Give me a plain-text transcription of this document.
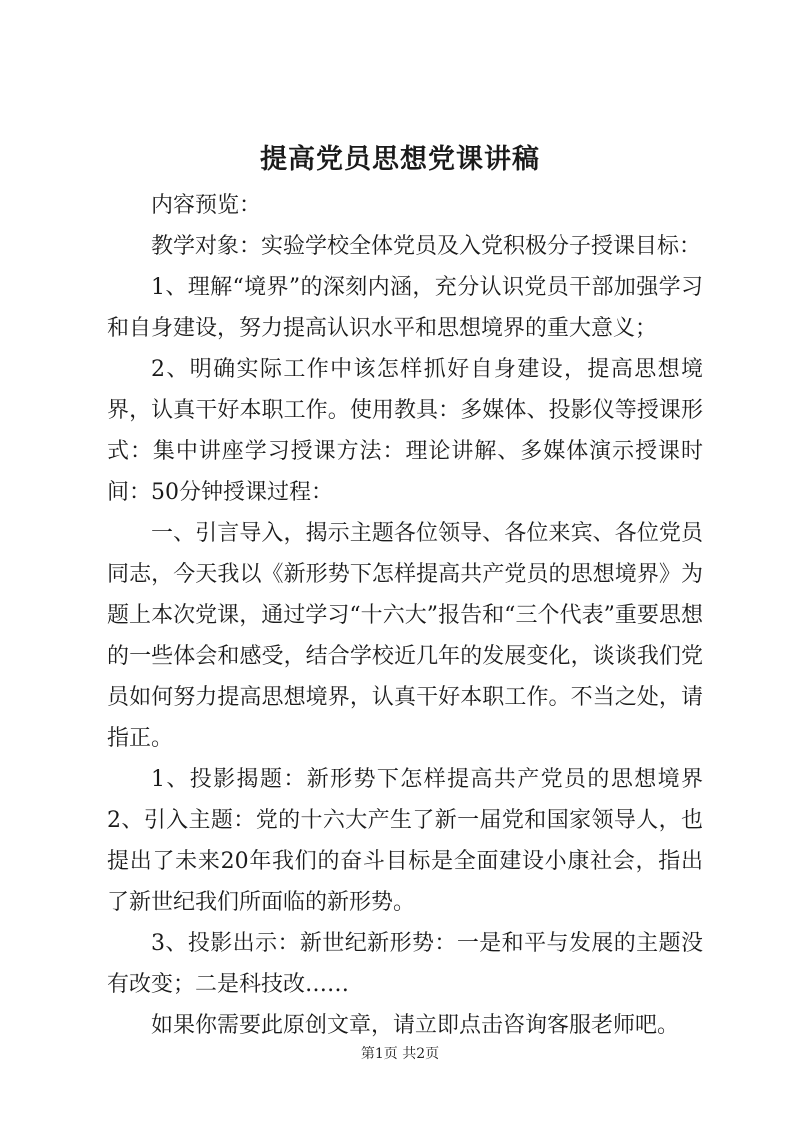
提高党员思想党课讲稿

内容预览：

教学对象：实验学校全体党员及入党积极分子授课目标：

1、理解“境界”的深刻内涵，充分认识党员干部加强学习和自身建设，努力提高认识水平和思想境界的重大意义；

2、明确实际工作中该怎样抓好自身建设，提高思想境界，认真干好本职工作。使用教具：多媒体、投影仪等授课形式：集中讲座学习授课方法：理论讲解、多媒体演示授课时间：50分钟授课过程：

一、引言导入，揭示主题各位领导、各位来宾、各位党员同志，今天我以《新形势下怎样提高共产党员的思想境界》为题上本次党课，通过学习“十六大”报告和“三个代表”重要思想的一些体会和感受，结合学校近几年的发展变化，谈谈我们党员如何努力提高思想境界，认真干好本职工作。不当之处，请指正。

1、投影揭题：新形势下怎样提高共产党员的思想境界2、引入主题：党的十六大产生了新一届党和国家领导人，也提出了未来20年我们的奋斗目标是全面建设小康社会，指出了新世纪我们所面临的新形势。

3、投影出示：新世纪新形势：一是和平与发展的主题没有改变；二是科技改……

如果你需要此原创文章，请立即点击咨询客服老师吧。

第1页 共2页
